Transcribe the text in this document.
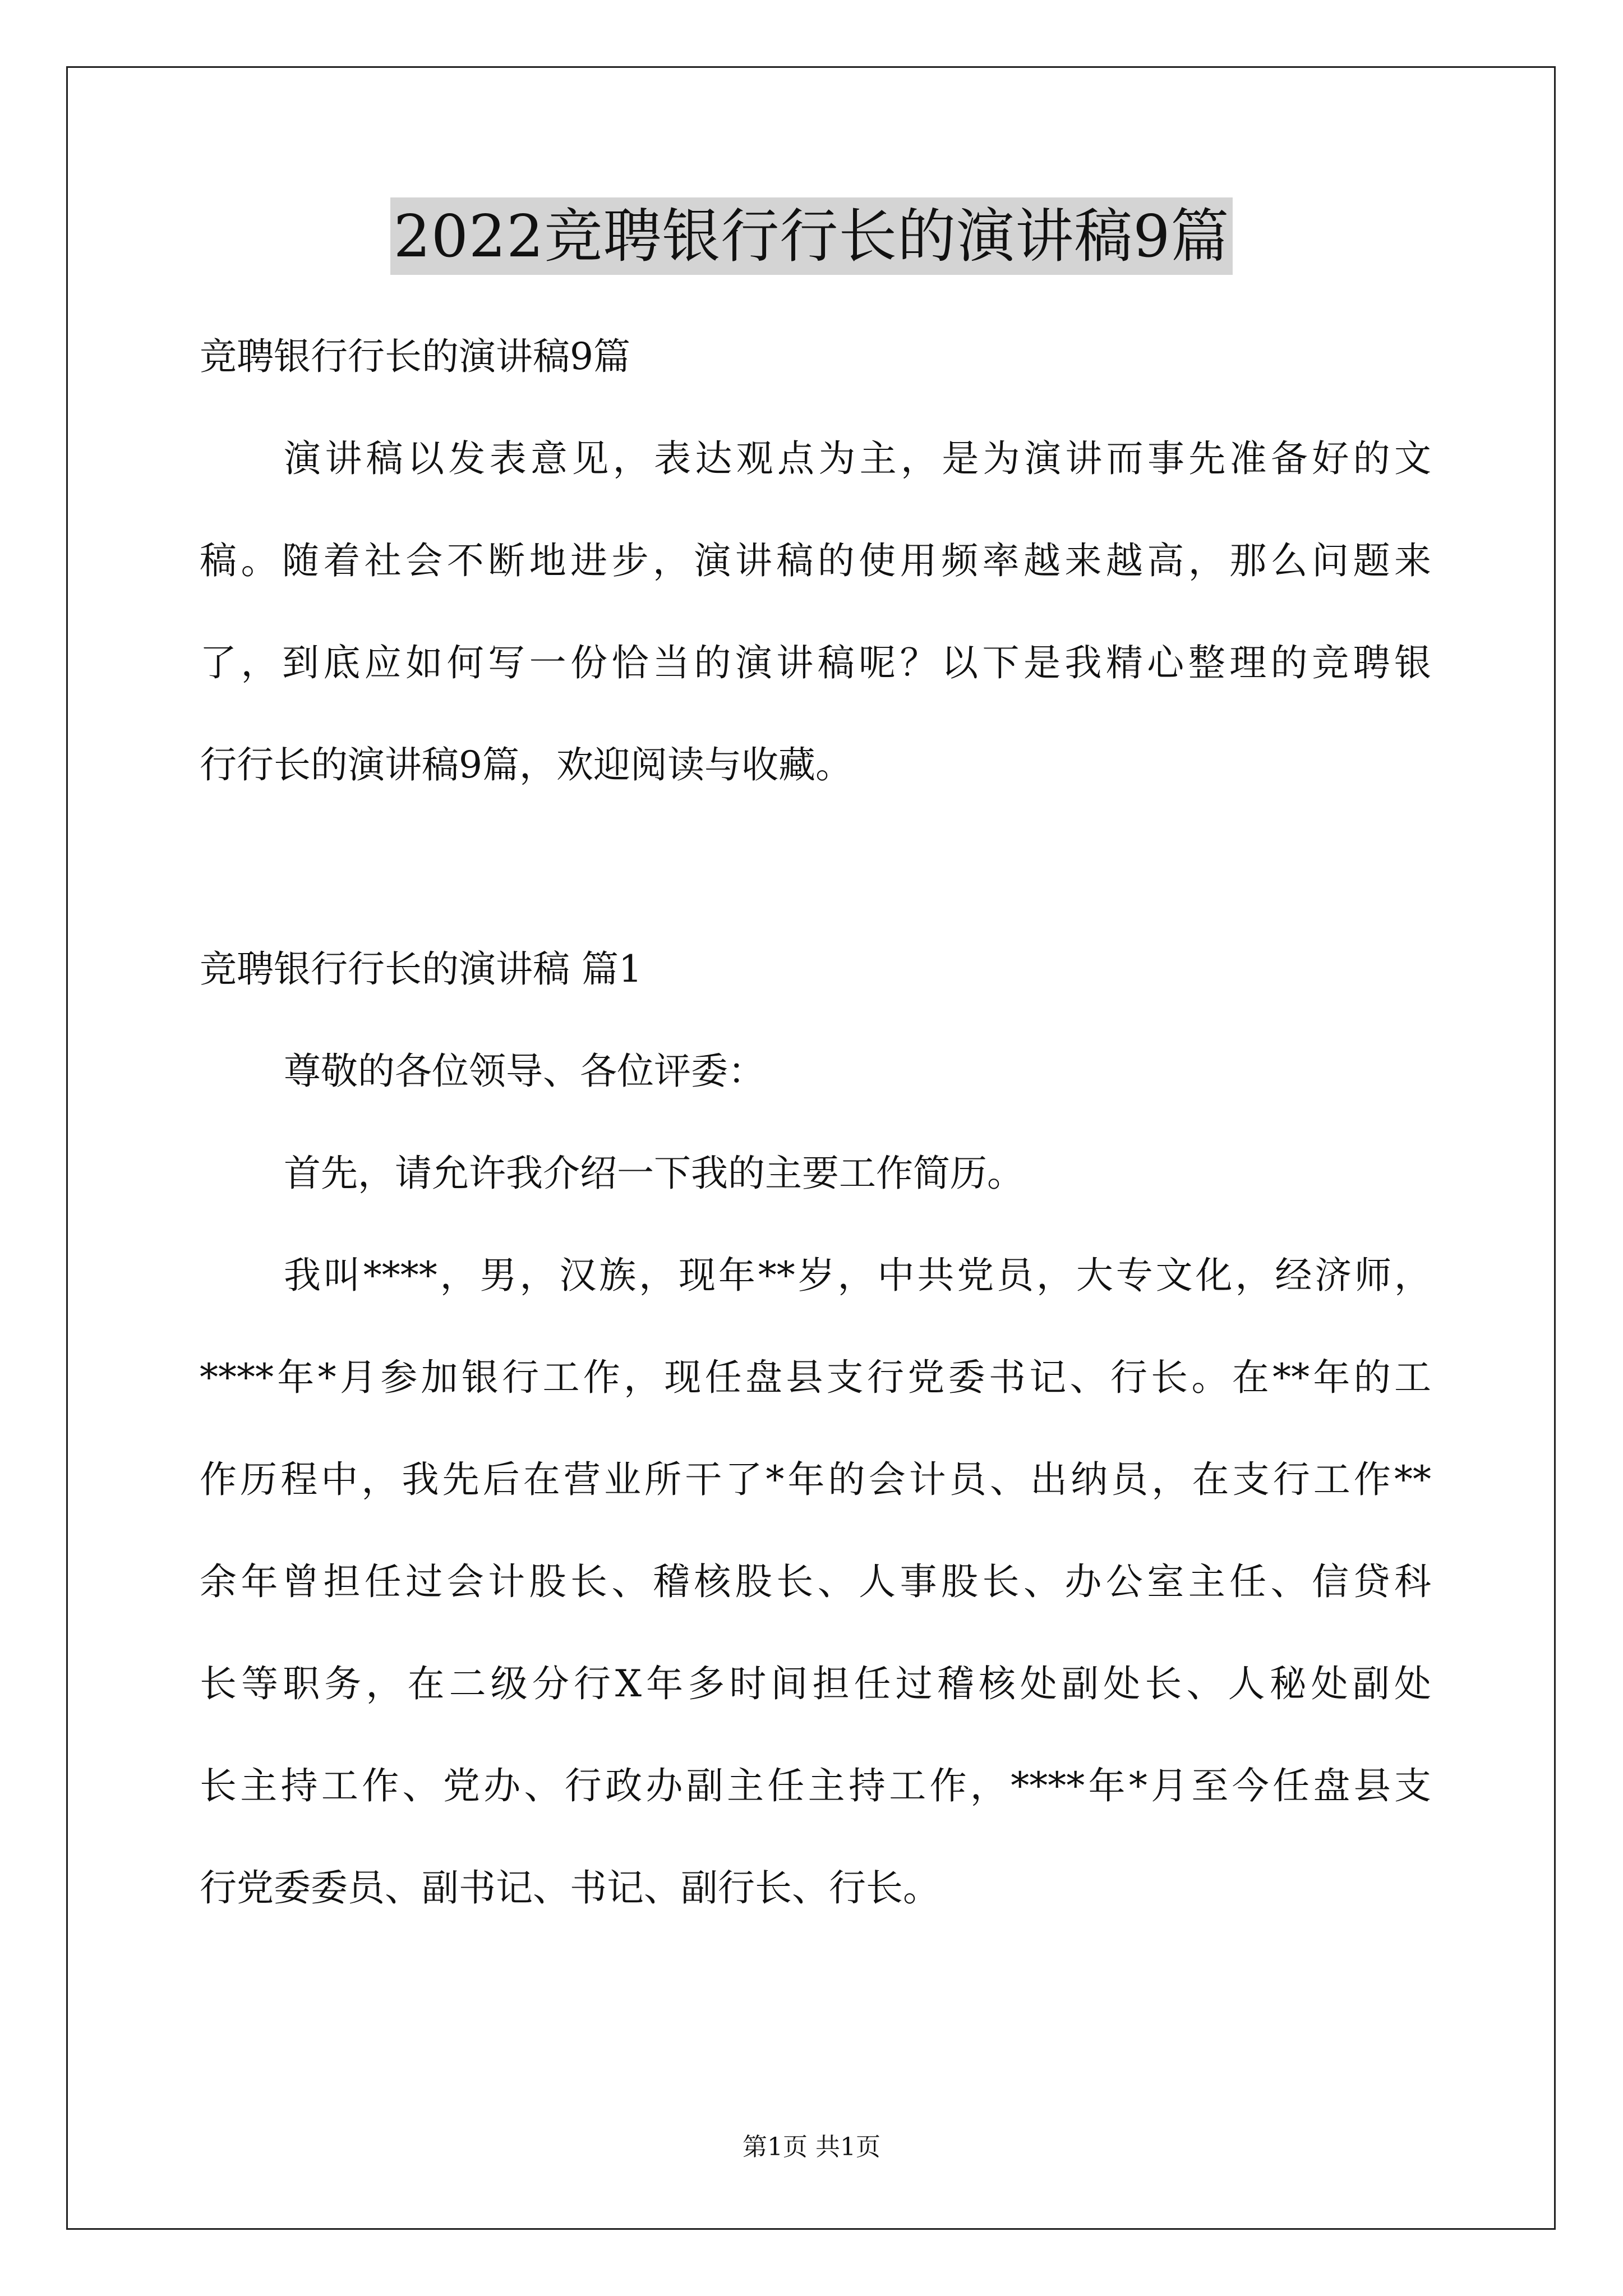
2022竞聘银行行长的演讲稿9篇
竞聘银行行长的演讲稿9篇
演讲稿以发表意见，表达观点为主，是为演讲而事先准备好的文
稿。随着社会不断地进步，演讲稿的使用频率越来越高，那么问题来
了，到底应如何写一份恰当的演讲稿呢？以下是我精心整理的竞聘银
行行长的演讲稿9篇，欢迎阅读与收藏。
竞聘银行行长的演讲稿 篇1
尊敬的各位领导、各位评委：
首先，请允许我介绍一下我的主要工作简历。
我叫****，男，汉族，现年**岁，中共党员，大专文化，经济师，
****年*月参加银行工作，现任盘县支行党委书记、行长。在**年的工
作历程中，我先后在营业所干了*年的会计员、出纳员，在支行工作**
余年曾担任过会计股长、稽核股长、人事股长、办公室主任、信贷科
长等职务，在二级分行X年多时间担任过稽核处副处长、人秘处副处
长主持工作、党办、行政办副主任主持工作，****年*月至今任盘县支
行党委委员、副书记、书记、副行长、行长。
第1页 共1页
